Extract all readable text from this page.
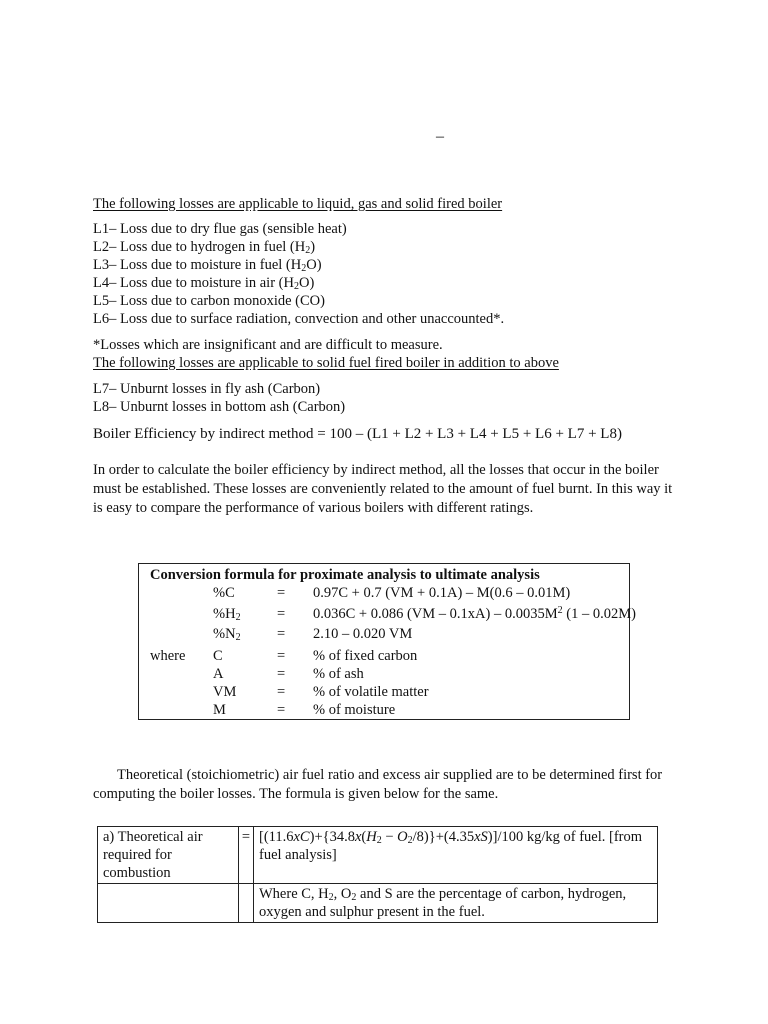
–
The following losses are applicable to liquid, gas and solid fired boiler
L1– Loss due to dry flue gas (sensible heat)
L2– Loss due to hydrogen in fuel $(H_2)$
L3– Loss due to moisture in fuel $(H_2O)$
L4– Loss due to moisture in air $(H_2O)$
L5– Loss due to carbon monoxide (CO)
L6– Loss due to surface radiation, convection and other unaccounted*.
*Losses which are insignificant and are difficult to measure.
The following losses are applicable to solid fuel fired boiler in addition to above
L7– Unburnt losses in fly ash (Carbon)
L8– Unburnt losses in bottom ash (Carbon)
Boiler Efficiency by indirect method = 100 – (L1 + L2 + L3 + L4 + L5 + L6 + L7 + L8)
In order to calculate the boiler efficiency by indirect method, all the losses that occur in the boiler must be established. These losses are conveniently related to the amount of fuel burnt. In this way it is easy to compare the performance of various boilers with different ratings.
Conversion formula for proximate analysis to ultimate analysis
%C	= 0.97C + 0.7 (VM + 0.1A) – M(0.6 – 0.01M)
$\%H_2$	= 0.036C + 0.086 $(VM - 0.1xA) - 0.0035M^2$ (1 – 0.02M)
$\%N_2$	= 2.10 – 0.020 VM
where C	= % of fixed carbon
A	= % of ash
VM	= % of volatile matter
M	= % of moisture
Theoretical (stoichiometric) air fuel ratio and excess air supplied are to be determined first for computing the boiler losses. The formula is given below for the same.
a) Theoretical air required for combustion	=	$[(11.6xC)+\{34.8x(H_2 - O_2/8)\}+(4.35xS)]/100$ kg/kg of fuel. [from fuel analysis]
		Where C, $H_2$, $O_2$ and S are the percentage of carbon, hydrogen, oxygen and sulphur present in the fuel.
